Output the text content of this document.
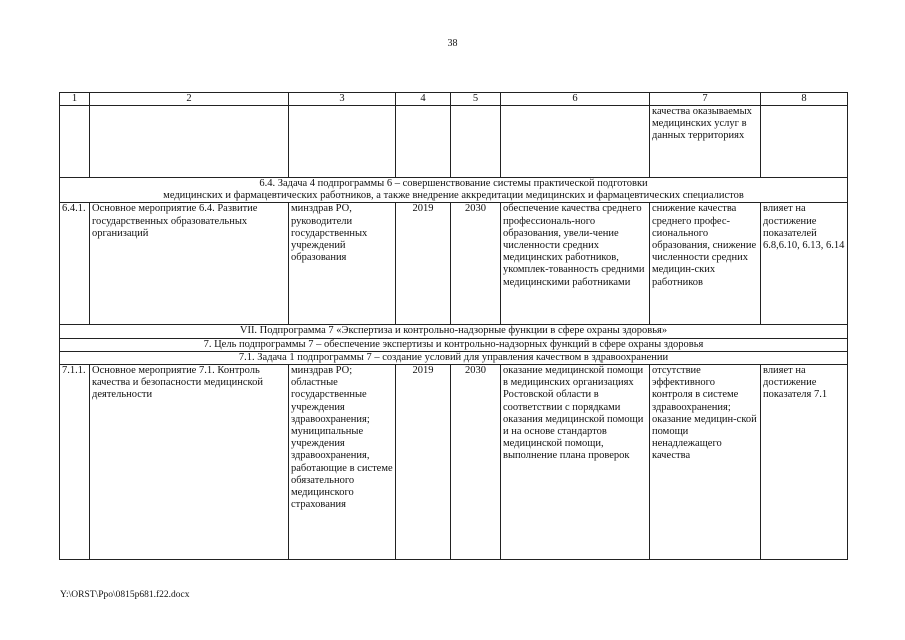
38
1	2	3	4	5	6	7	8
						качества оказываемых медицинских услуг в данных территориях	

6.4. Задача 4 подпрограммы 6 – совершенствование системы практической подготовки
медицинских и фармацевтических работников, а также внедрение аккредитации медицинских и фармацевтических специалистов							

6.4.1.	Основное мероприятие 6.4. Развитие государственных образовательных организаций	минздрав РО, руководители государственных учреждений образования	2019	2030	обеспечение качества среднего профессиональ-ного образования, увели-чение численности средних медицинских работников, укомплек-тованность средними медицинскими работниками	снижение качества среднего профес-сионального образования, снижение численности средних медицин-ских работников	влияет на достижение показателей 6.8,6.10, 6.13, 6.14
VII. Подпрограмма 7 «Экспертиза и контрольно-надзорные функции в сфере охраны здоровья»							
7. Цель подпрограммы 7 – обеспечение экспертизы и контрольно-надзорных функций в сфере охраны здоровья							
7.1. Задача 1 подпрограммы 7 – создание условий для управления качеством в здравоохранении							
7.1.1.	Основное мероприятие 7.1. Контроль качества и безопасности медицинской деятельности	минздрав РО; областные государственные учреждения здравоохранения; муниципальные учреждения здравоохранения, работающие в системе обязательного медицинского страхования	2019	2030	оказание медицинской помощи в медицинских организациях Ростовской области в соответствии с порядками оказания медицинской помощи и на основе стандартов медицинской помощи, выполнение плана проверок	отсутствие эффективного контроля в системе здравоохранения; оказание медицин-ской помощи ненадлежащего качества	влияет на достижение показателя 7.1
Y:\ORST\Ppo\0815p681.f22.docx
